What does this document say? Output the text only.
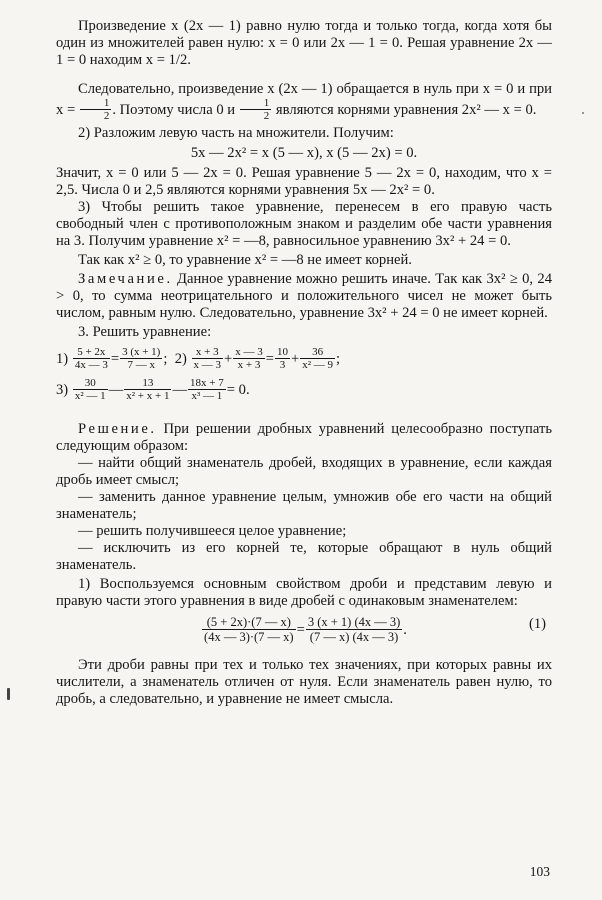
Произведение x (2x — 1) равно нулю тогда и только тогда, когда хотя бы один из множителей равен нулю: x = 0 или 2x — 1 = 0. Решая уравнение 2x — 1 = 0 находим x = 1/2.

Следовательно, произведение x (2x — 1) обращается в нуль при x = 0 и при $x = \frac{1}{2}$ . Поэтому числа 0 и $\frac{1}{2}$ являются корнями уравнения 2x² — x = 0.

2) Разложим левую часть на множители. Получим:

5x — 2x² = x (5 — x), x (5 — 2x) = 0.

Значит, x = 0 или 5 — 2x = 0. Решая уравнение 5 — 2x = 0, находим, что x = 2,5. Числа 0 и 2,5 являются корнями уравнения 5x — 2x² = 0.

3) Чтобы решить такое уравнение, перенесем в его правую часть свободный член с противоположным знаком и разделим обе части уравнения на 3. Получим уравнение x² = —8, равносильное уравнению 3x² + 24 = 0.

Так как x² ≥ 0, то уравнение x² = —8 не имеет корней.

Замечание. Данное уравнение можно решить иначе. Так как 3x² ≥ 0, 24 > 0, то сумма неотрицательного и положительного чисел не может быть числом, равным нулю. Следовательно, уравнение 3x² + 24 = 0 не имеет корней.

3. Решить уравнение:

$1) \frac{5 + 2x}{4x — 3} = \frac{3 (x + 1)}{7 — x}$ ;  $2) \frac{x + 3}{x — 3} + \frac{x — 3}{x + 3} = \frac{10}{3} + \frac{36}{\text{x² — 9}}$ ;
$3) \frac{30}{\text{x² — 1}}$ — $\frac{13}{\text{x² + x + 1}}$ — $\frac{18x + 7}{\text{x³ — 1}} = 0$.

Решение. При решении дробных уравнений целесообразно поступать следующим образом:

— найти общий знаменатель дробей, входящих в уравнение, если каждая дробь имеет смысл;

— заменить данное уравнение целым, умножив обе его части на общий знаменатель;

— решить получившееся целое уравнение;

— исключить из его корней те, которые обращают в нуль общий знаменатель.

1) Воспользуемся основным свойством дроби и представим левую и правую части этого уравнения в виде дробей с одинаковым знаменателем:

$\frac{(5 + 2x)\cdot(7 — x)}{(4x — 3)\cdot(7 — x)} = \frac{3 (x + 1) (4x — 3)}{(7 — x) (4x — 3)}$ .	(1)

Эти дроби равны при тех и только тех значениях, при которых равны их числители, а знаменатель отличен от нуля. Если знаменатель равен нулю, то дробь, а следовательно, и уравнение не имеет смысла.

103
